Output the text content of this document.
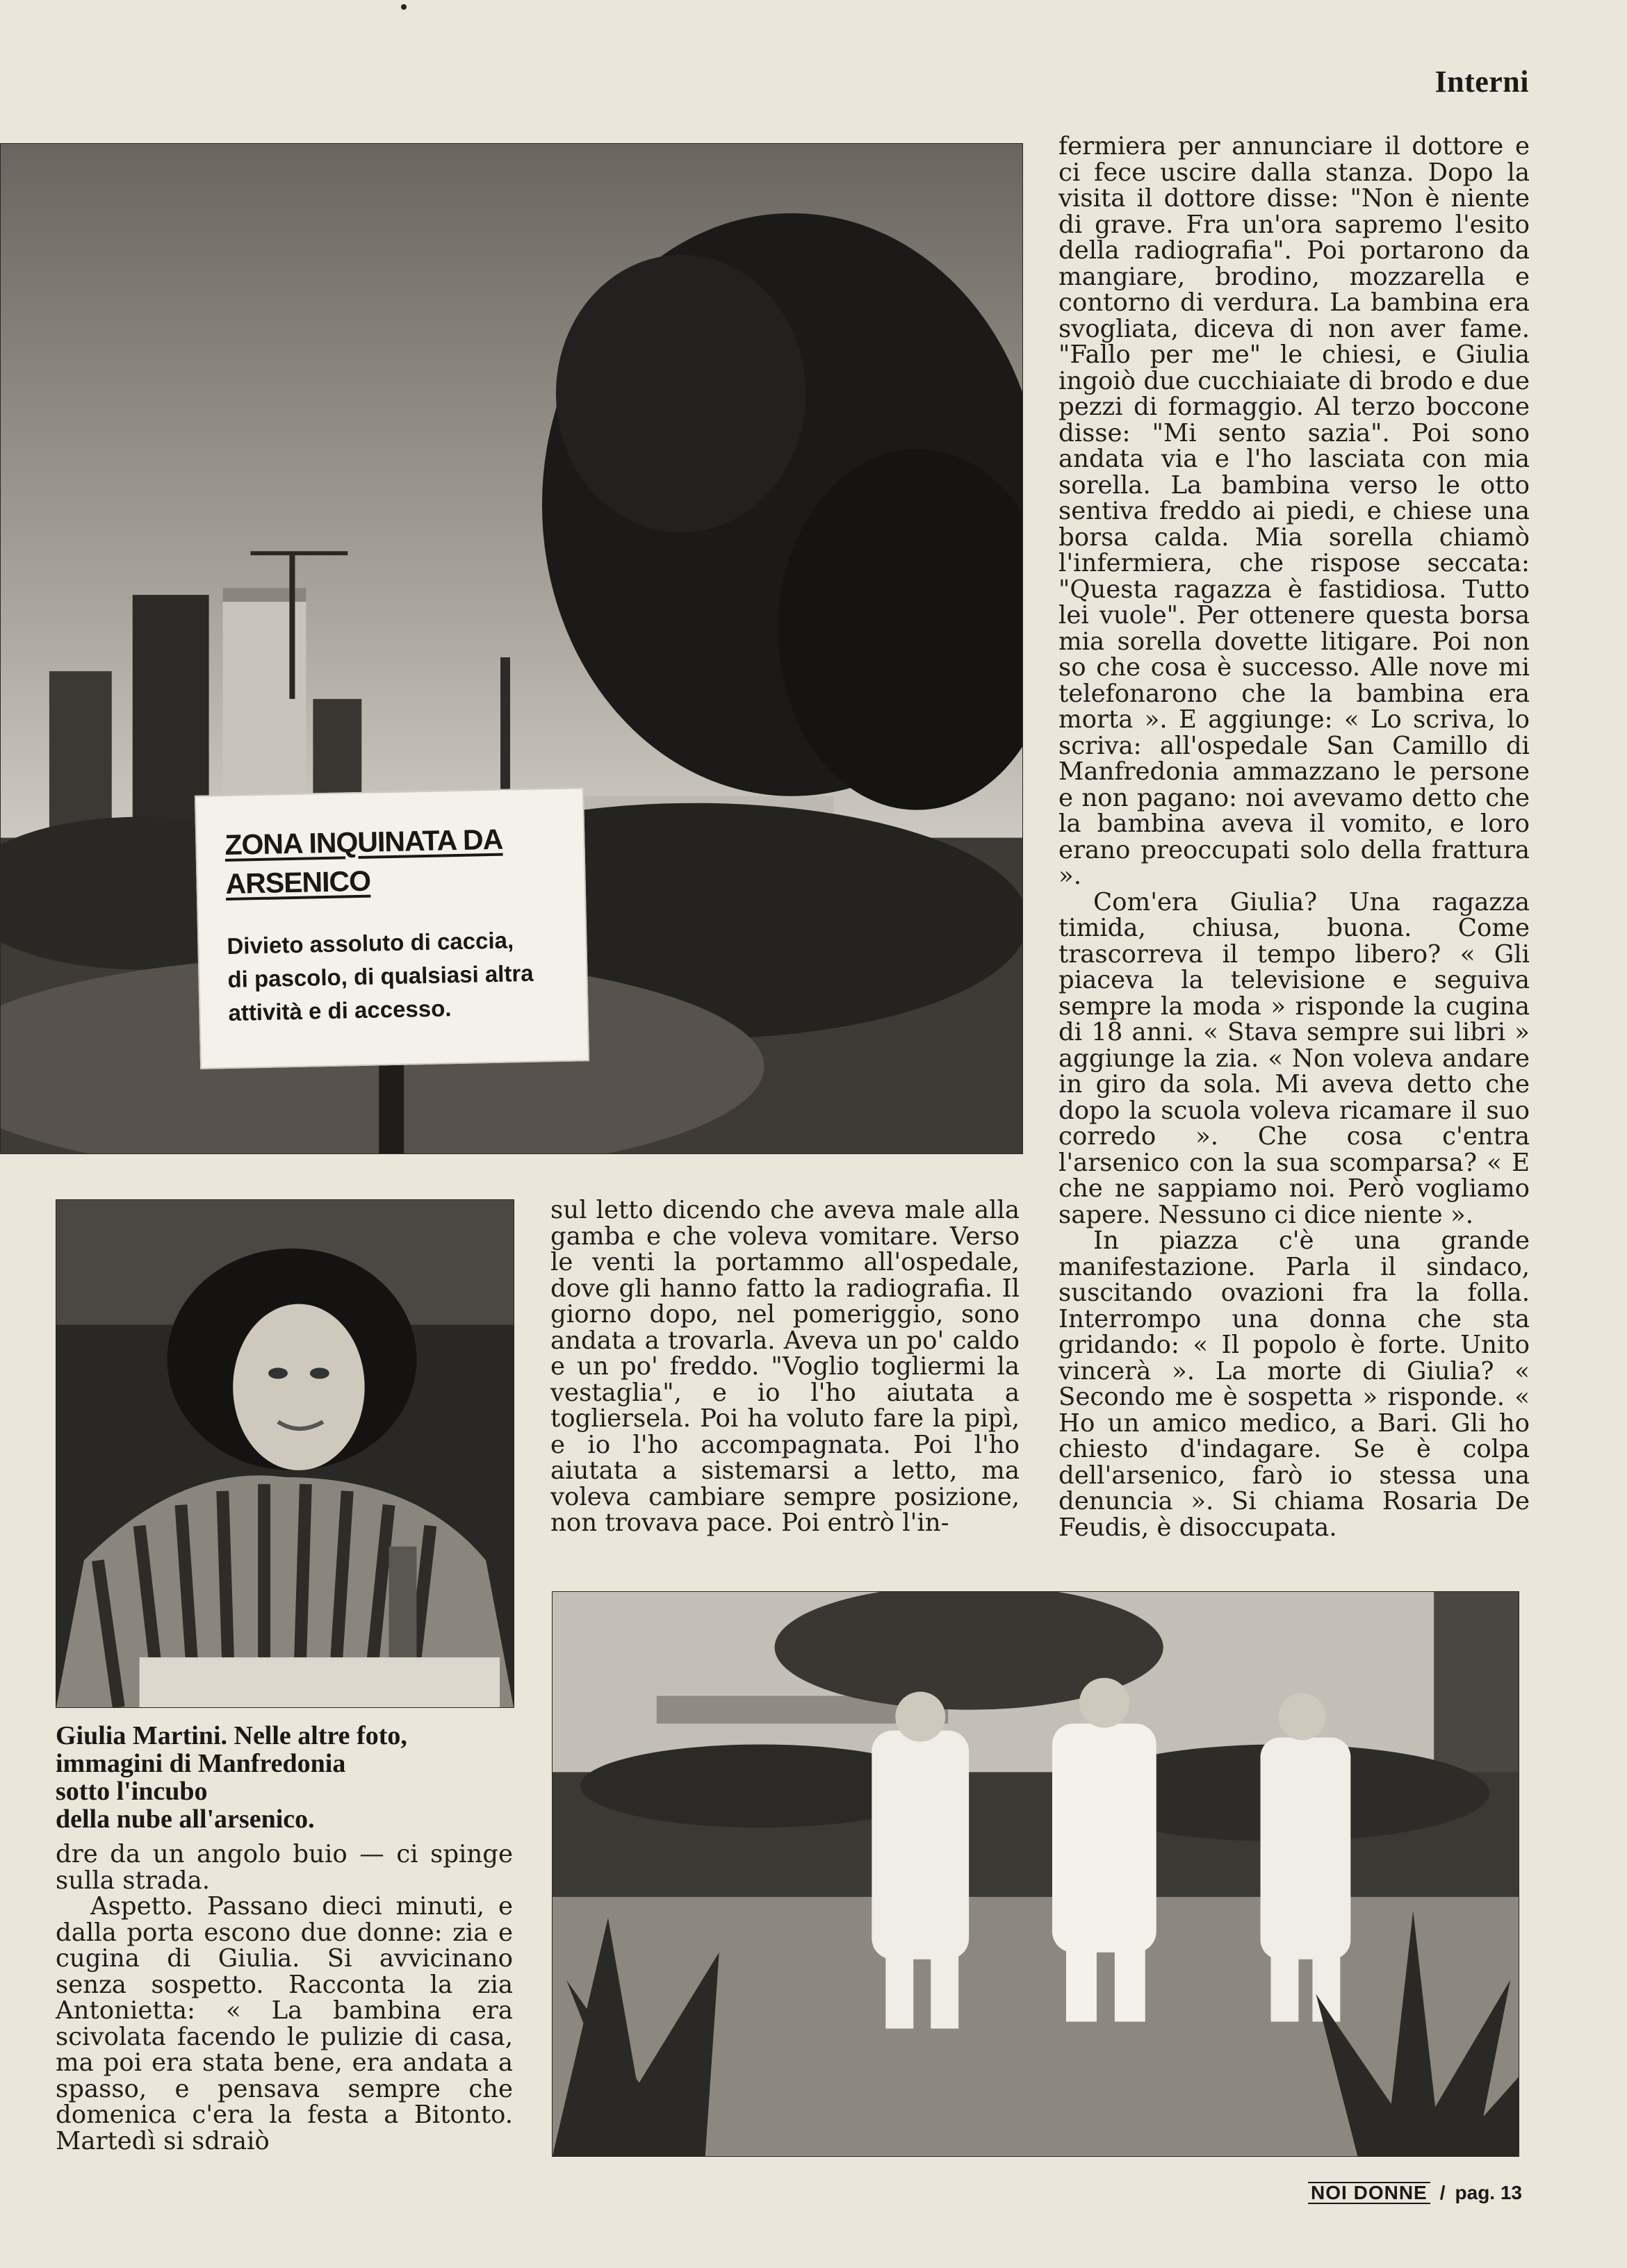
Interni
ZONA INQUINATA DA ARSENICO
Divieto assoluto di caccia,
di pascolo, di qualsiasi altra
attività e di accesso.
Giulia Martini. Nelle altre foto,
immagini di Manfredonia
sotto l'incubo
della nube all'arsenico.

dre da un angolo buio — ci spinge sulla strada.

Aspetto. Passano dieci minuti, e dalla porta escono due donne: zia e cugina di Giulia. Si avvicinano senza sospetto. Racconta la zia Antonietta: « La bambina era scivolata facendo le pulizie di casa, ma poi era stata bene, era andata a spasso, e pensava sempre che domenica c'era la festa a Bitonto. Martedì si sdraiò

sul letto dicendo che aveva male alla gamba e che voleva vomitare. Verso le venti la portammo all'ospedale, dove gli hanno fatto la radiografia. Il giorno dopo, nel pomeriggio, sono andata a trovarla. Aveva un po' caldo e un po' freddo. "Voglio togliermi la vestaglia", e io l'ho aiutata a togliersela. Poi ha voluto fare la pipì, e io l'ho accompagnata. Poi l'ho aiutata a sistemarsi a letto, ma voleva cambiare sempre posizione, non trovava pace. Poi entrò l'in-

fermiera per annunciare il dottore e ci fece uscire dalla stanza. Dopo la visita il dottore disse: "Non è niente di grave. Fra un'ora sapremo l'esito della radiografia". Poi portarono da mangiare, brodino, mozzarella e contorno di verdura. La bambina era svogliata, diceva di non aver fame. "Fallo per me" le chiesi, e Giulia ingoiò due cucchiaiate di brodo e due pezzi di formaggio. Al terzo boccone disse: "Mi sento sazia". Poi sono andata via e l'ho lasciata con mia sorella. La bambina verso le otto sentiva freddo ai piedi, e chiese una borsa calda. Mia sorella chiamò l'infermiera, che rispose seccata: "Questa ragazza è fastidiosa. Tutto lei vuole". Per ottenere questa borsa mia sorella dovette litigare. Poi non so che cosa è successo. Alle nove mi telefonarono che la bambina era morta ». E aggiunge: « Lo scriva, lo scriva: all'ospedale San Camillo di Manfredonia ammazzano le persone e non pagano: noi avevamo detto che la bambina aveva il vomito, e loro erano preoccupati solo della frattura ».

Com'era Giulia? Una ragazza timida, chiusa, buona. Come trascorreva il tempo libero? « Gli piaceva la televisione e seguiva sempre la moda » risponde la cugina di 18 anni. « Stava sempre sui libri » aggiunge la zia. « Non voleva andare in giro da sola. Mi aveva detto che dopo la scuola voleva ricamare il suo corredo ». Che cosa c'entra l'arsenico con la sua scomparsa? « E che ne sappiamo noi. Però vogliamo sapere. Nessuno ci dice niente ».

In piazza c'è una grande manifestazione. Parla il sindaco, suscitando ovazioni fra la folla. Interrompo una donna che sta gridando: « Il popolo è forte. Unito vincerà ». La morte di Giulia? « Secondo me è sospetta » risponde. « Ho un amico medico, a Bari. Gli ho chiesto d'indagare. Se è colpa dell'arsenico, farò io stessa una denuncia ». Si chiama Rosaria De Feudis, è disoccupata.

NOI DONNE / pag. 13
